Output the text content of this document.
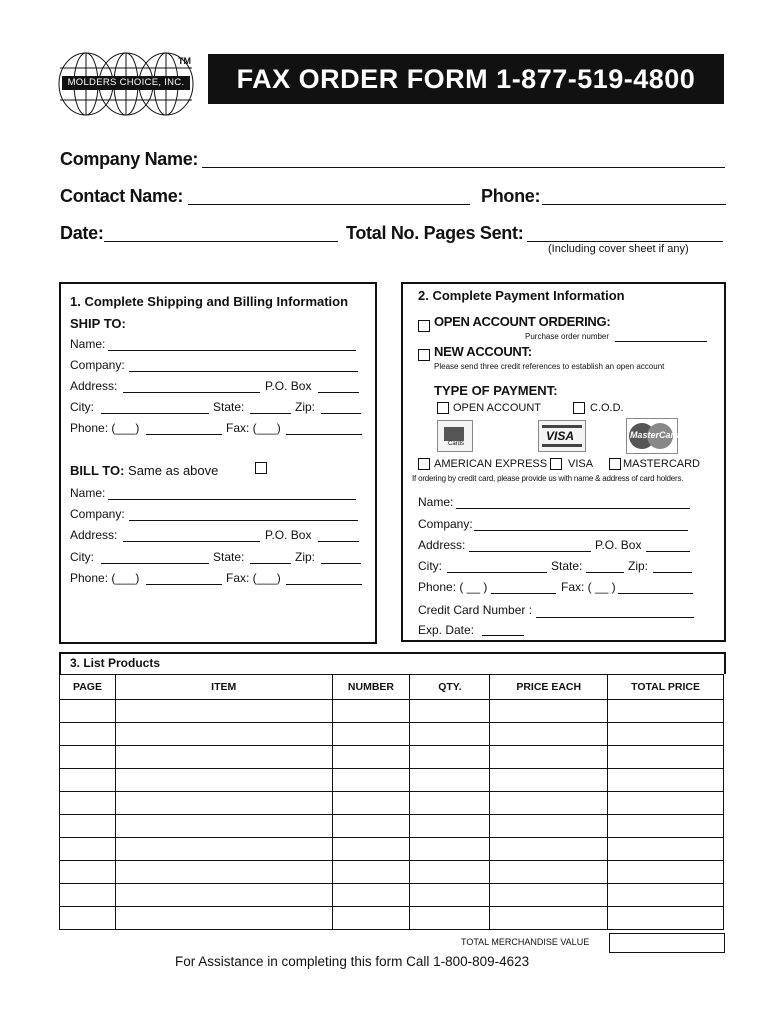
MOLDERS CHOICE, INC.
TM
FAX ORDER FORM 1-877-519-4800
Company Name:
Contact Name:	Phone:
Date:	Total No. Pages Sent:
(Including cover sheet if any)
1. Complete Shipping and Billing Information
SHIP TO:
Name:
Company:
Address:	P.O. Box
City:	State:	Zip:
Phone: (___)	Fax: (___)
BILL TO: Same as above
Name:
Company:
Address:	P.O. Box
City:	State:	Zip:
Phone: (___)	Fax: (___)
2. Complete Payment Information
OPEN ACCOUNT ORDERING:
Purchase order number
NEW ACCOUNT:
Please send three credit references to establish an open account
TYPE OF PAYMENT:
OPEN ACCOUNT	C.O.D.
Cards
VISA	MasterCard
AMERICAN EXPRESS VISA	MASTERCARD
If ordering by credit card, please provide us with name & address of card holders.
Name:
Company:
Address:	P.O. Box
City:	State:	Zip:
Phone: ( __ )	Fax: ( __ )
Credit Card Number :
Exp. Date:
3. List Products
PAGE	ITEM	NUMBER	QTY.	PRICE EACH	TOTAL PRICE

TOTAL MERCHANDISE VALUE
For Assistance in completing this form Call 1-800-809-4623
